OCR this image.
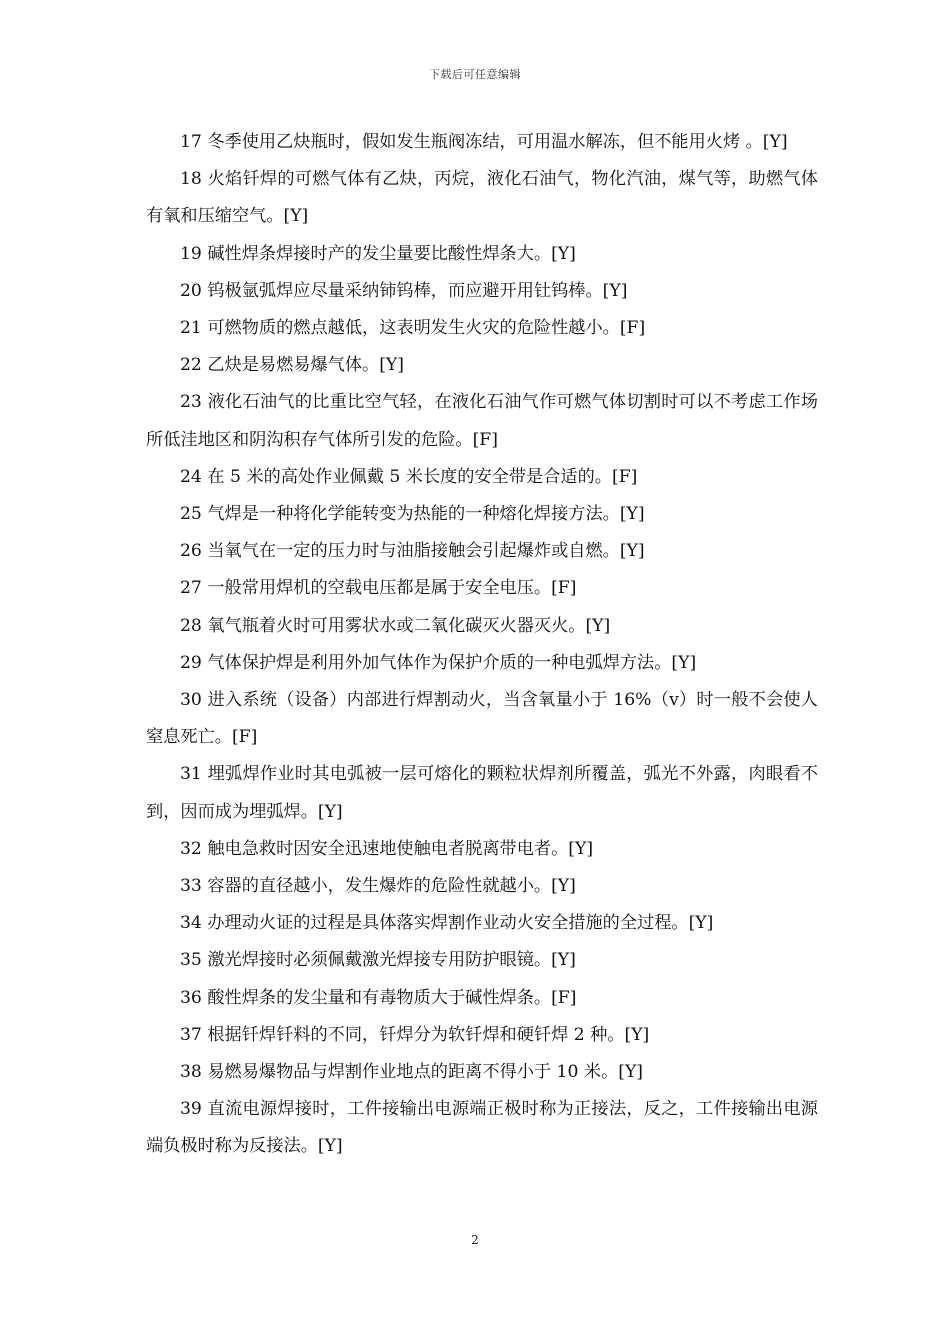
下载后可任意编辑

17 冬季使用乙炔瓶时，假如发生瓶阀冻结，可用温水解冻，但不能用火烤 。[Y]

18 火焰钎焊的可燃气体有乙炔，丙烷，液化石油气，物化汽油，煤气等，助燃气体有氧和压缩空气。[Y]

19 碱性焊条焊接时产的发尘量要比酸性焊条大。[Y]

20 钨极氩弧焊应尽量采纳铈钨棒，而应避开用钍钨棒。[Y]

21 可燃物质的燃点越低，这表明发生火灾的危险性越小。[F]

22 乙炔是易燃易爆气体。[Y]

23 液化石油气的比重比空气轻，在液化石油气作可燃气体切割时可以不考虑工作场所低洼地区和阴沟积存气体所引发的危险。[F]

24 在 5 米的高处作业佩戴 5 米长度的安全带是合适的。[F]

25 气焊是一种将化学能转变为热能的一种熔化焊接方法。[Y]

26 当氧气在一定的压力时与油脂接触会引起爆炸或自燃。[Y]

27 一般常用焊机的空载电压都是属于安全电压。[F]

28 氧气瓶着火时可用雾状水或二氧化碳灭火器灭火。[Y]

29 气体保护焊是利用外加气体作为保护介质的一种电弧焊方法。[Y]

30 进入系统（设备）内部进行焊割动火，当含氧量小于 16%（v）时一般不会使人窒息死亡。[F]

31 埋弧焊作业时其电弧被一层可熔化的颗粒状焊剂所覆盖，弧光不外露，肉眼看不到，因而成为埋弧焊。[Y]

32 触电急救时因安全迅速地使触电者脱离带电者。[Y]

33 容器的直径越小，发生爆炸的危险性就越小。[Y]

34 办理动火证的过程是具体落实焊割作业动火安全措施的全过程。[Y]

35 激光焊接时必须佩戴激光焊接专用防护眼镜。[Y]

36 酸性焊条的发尘量和有毒物质大于碱性焊条。[F]

37 根据钎焊钎料的不同，钎焊分为软钎焊和硬钎焊 2 种。[Y]

38 易燃易爆物品与焊割作业地点的距离不得小于 10 米。[Y]

39 直流电源焊接时，工件接输出电源端正极时称为正接法，反之，工件接输出电源端负极时称为反接法。[Y]

2
